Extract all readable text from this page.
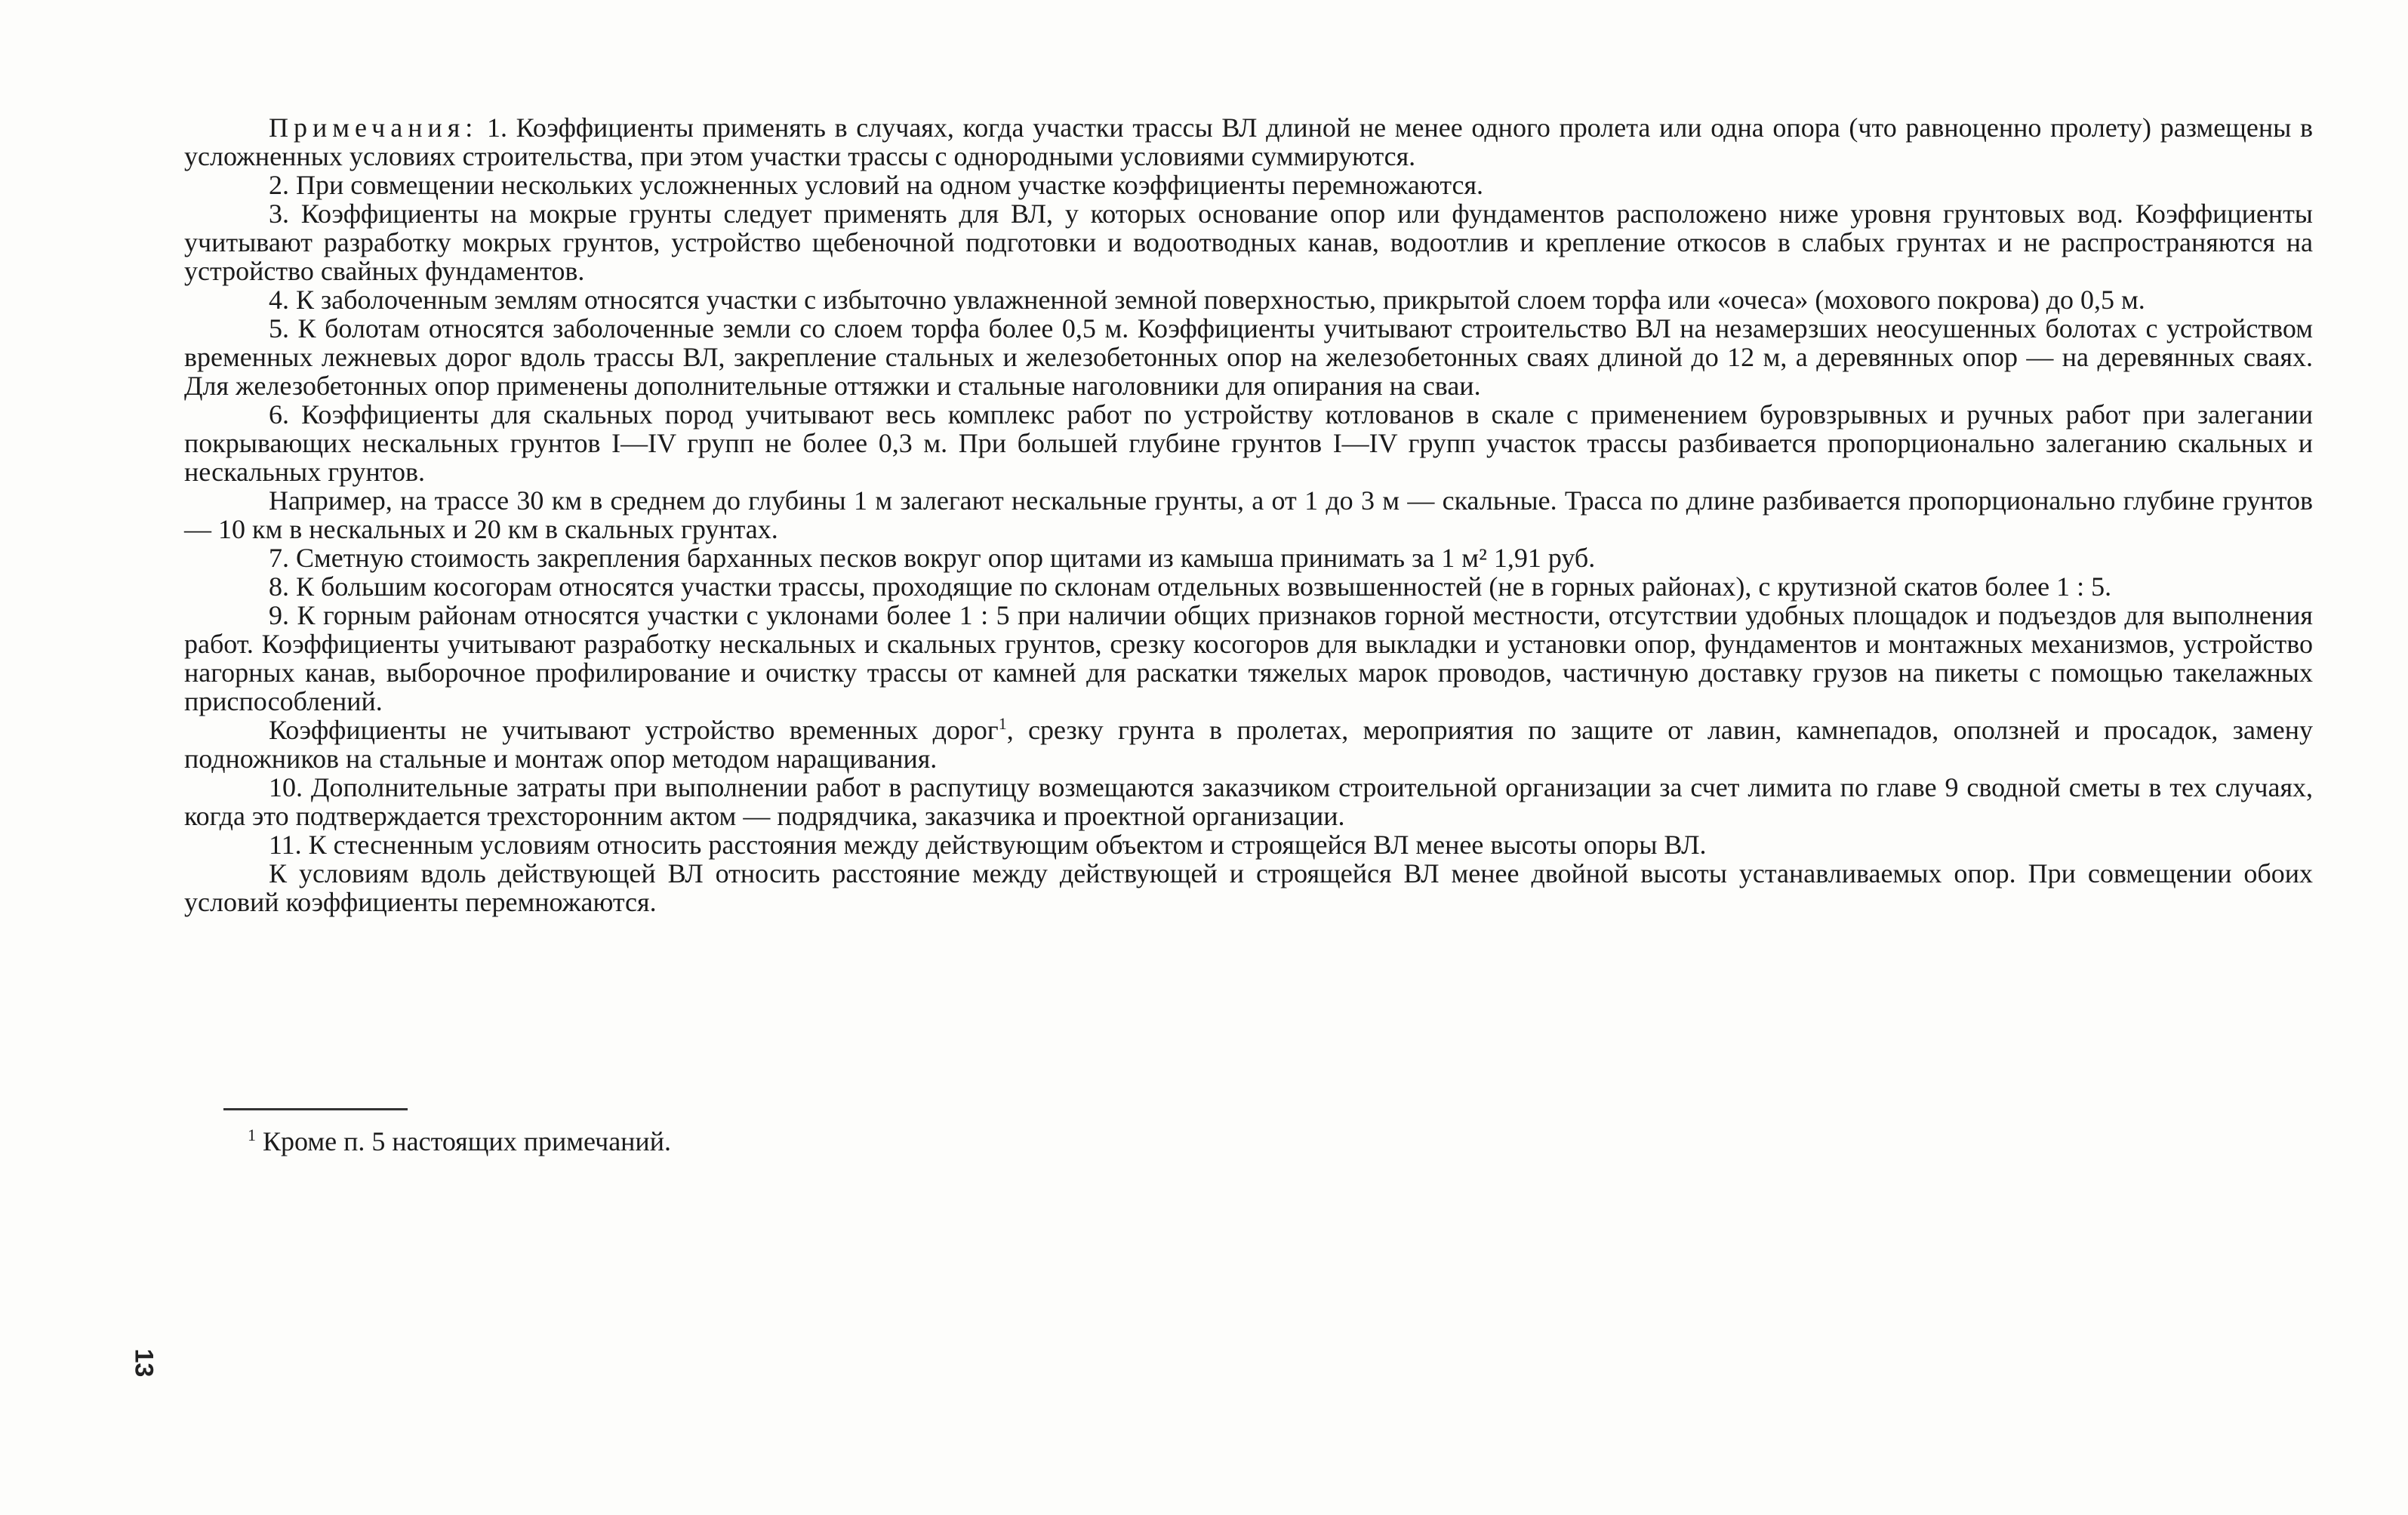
Примечания: 1. Коэффициенты применять в случаях, когда участки трассы ВЛ длиной не менее одного пролета или одна опора (что равноценно пролету) размещены в усложненных условиях строительства, при этом участки трассы с однородными условиями суммируются.

2. При совмещении нескольких усложненных условий на одном участке коэффициенты перемножаются.

3. Коэффициенты на мокрые грунты следует применять для ВЛ, у которых основание опор или фундаментов расположено ниже уровня грунтовых вод. Коэффициенты учитывают разработку мокрых грунтов, устройство щебеночной подготовки и водоотводных канав, водоотлив и крепление откосов в слабых грунтах и не распространяются на устройство свайных фундаментов.

4. К заболоченным землям относятся участки с избыточно увлажненной земной поверхностью, прикрытой слоем торфа или «очеса» (мохового покрова) до 0,5 м.

5. К болотам относятся заболоченные земли со слоем торфа более 0,5 м. Коэффициенты учитывают строительство ВЛ на незамерзших неосушенных болотах с устройством временных лежневых дорог вдоль трассы ВЛ, закрепление стальных и железобетонных опор на железобетонных сваях длиной до 12 м, а деревянных опор — на деревянных сваях. Для железобетонных опор применены дополнительные оттяжки и стальные наголовники для опирания на сваи.

6. Коэффициенты для скальных пород учитывают весь комплекс работ по устройству котлованов в скале с применением буровзрывных и ручных работ при залегании покрывающих нескальных грунтов I—IV групп не более 0,3 м. При большей глубине грунтов I—IV групп участок трассы разбивается пропорционально залеганию скальных и нескальных грунтов.

Например, на трассе 30 км в среднем до глубины 1 м залегают нескальные грунты, а от 1 до 3 м — скальные. Трасса по длине разбивается пропорционально глубине грунтов — 10 км в нескальных и 20 км в скальных грунтах.

7. Сметную стоимость закрепления барханных песков вокруг опор щитами из камыша принимать за 1 м² 1,91 руб.

8. К большим косогорам относятся участки трассы, проходящие по склонам отдельных возвышенностей (не в горных районах), с крутизной скатов более 1 : 5.

9. К горным районам относятся участки с уклонами более 1 : 5 при наличии общих признаков горной местности, отсутствии удобных площадок и подъездов для выполнения работ. Коэффициенты учитывают разработку нескальных и скальных грунтов, срезку косогоров для выкладки и установки опор, фундаментов и монтажных механизмов, устройство нагорных канав, выборочное профилирование и очистку трассы от камней для раскатки тяжелых марок проводов, частичную доставку грузов на пикеты с помощью такелажных приспособлений.

Коэффициенты не учитывают устройство временных дорог$^1$, срезку грунта в пролетах, мероприятия по защите от лавин, камнепадов, оползней и просадок, замену подножников на стальные и монтаж опор методом наращивания.

10. Дополнительные затраты при выполнении работ в распутицу возмещаются заказчиком строительной организации за счет лимита по главе 9 сводной сметы в тех случаях, когда это подтверждается трехсторонним актом — подрядчика, заказчика и проектной организации.

11. К стесненным условиям относить расстояния между действующим объектом и строящейся ВЛ менее высоты опоры ВЛ.

К условиям вдоль действующей ВЛ относить расстояние между действующей и строящейся ВЛ менее двойной высоты устанавливаемых опор. При совмещении обоих условий коэффициенты перемножаются.

$^1$ Кроме п. 5 настоящих примечаний.
13
